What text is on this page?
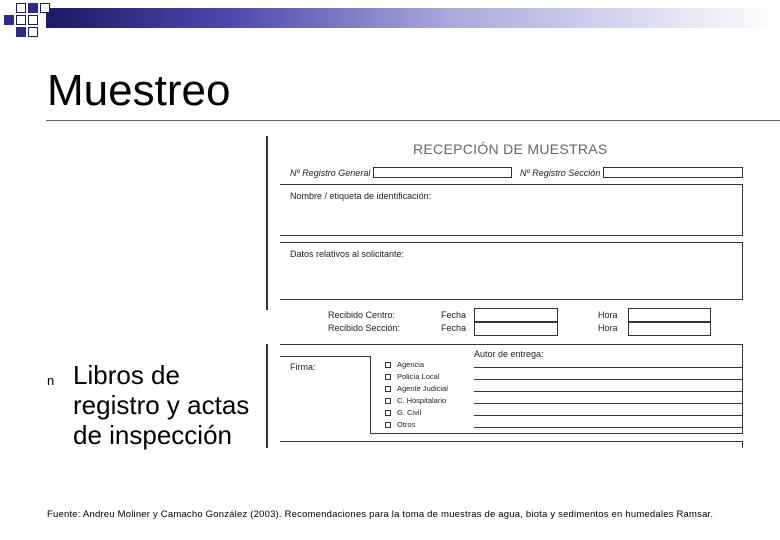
Muestreo
n Libros de registro y actas de inspección
RECEPCIÓN DE MUESTRAS
Nº Registro General	Nº Registro Sección
Nombre / etiqueta de identificación:
Datos relativos al solicitante:
Recibido Centro:	Fecha	Hora
Recibido Sección:	Fecha	Hora
Firma:
Autor de entrega:
Agencia
Policía Local
Agente Judicial
C. Hospitalario
G. Civil
Otros
Fuente: Andreu Moliner y Camacho González (2003). Recomendaciones para la toma de muestras de agua, biota y sedimentos en humedales Ramsar.
